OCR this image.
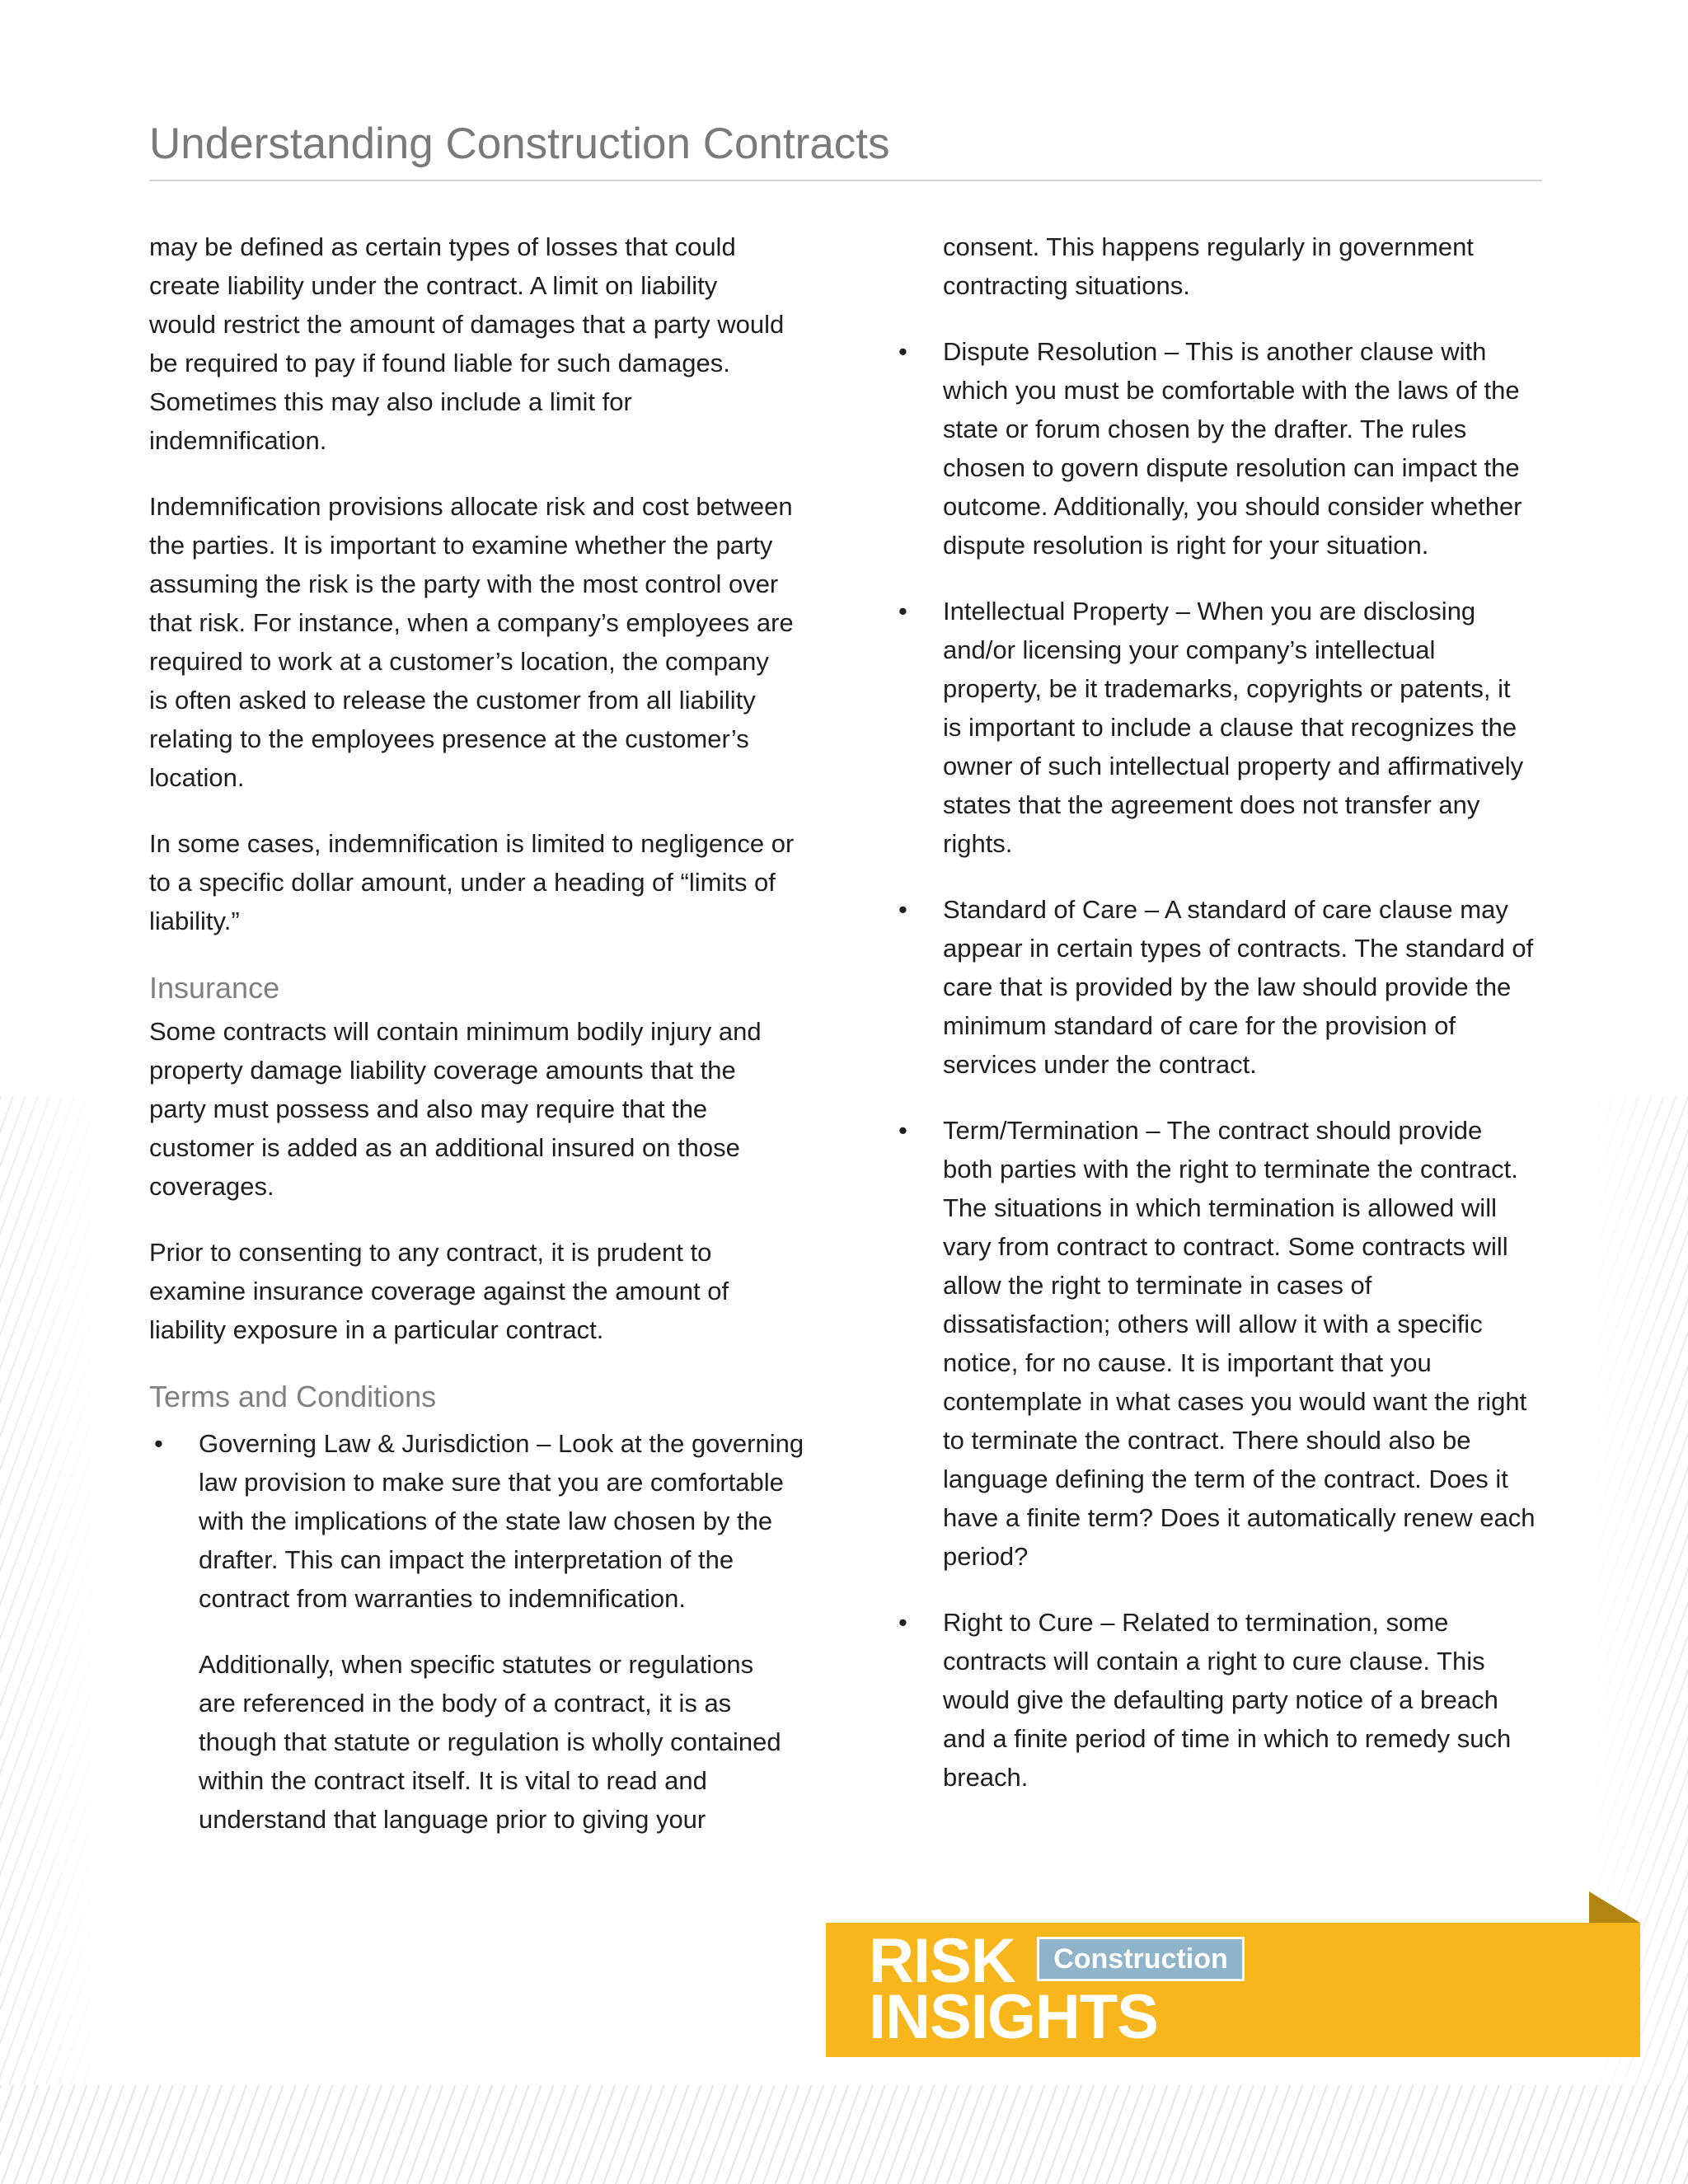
Understanding Construction Contracts
may be defined as certain types of losses that could
create liability under the contract. A limit on liability
would restrict the amount of damages that a party would
be required to pay if found liable for such damages.
Sometimes this may also include a limit for
indemnification.
Indemnification provisions allocate risk and cost between
the parties. It is important to examine whether the party
assuming the risk is the party with the most control over
that risk. For instance, when a company’s employees are
required to work at a customer’s location, the company
is often asked to release the customer from all liability
relating to the employees presence at the customer’s
location.
In some cases, indemnification is limited to negligence or
to a specific dollar amount, under a heading of “limits of
liability.”
Insurance
Some contracts will contain minimum bodily injury and
property damage liability coverage amounts that the
party must possess and also may require that the
customer is added as an additional insured on those
coverages.
Prior to consenting to any contract, it is prudent to
examine insurance coverage against the amount of
liability exposure in a particular contract.
Terms and Conditions
• Governing Law & Jurisdiction – Look at the governing
law provision to make sure that you are comfortable
with the implications of the state law chosen by the
drafter. This can impact the interpretation of the
contract from warranties to indemnification.
Additionally, when specific statutes or regulations
are referenced in the body of a contract, it is as
though that statute or regulation is wholly contained
within the contract itself. It is vital to read and
understand that language prior to giving your
consent. This happens regularly in government
contracting situations.
• Dispute Resolution – This is another clause with
which you must be comfortable with the laws of the
state or forum chosen by the drafter. The rules
chosen to govern dispute resolution can impact the
outcome. Additionally, you should consider whether
dispute resolution is right for your situation.
• Intellectual Property – When you are disclosing
and/or licensing your company’s intellectual
property, be it trademarks, copyrights or patents, it
is important to include a clause that recognizes the
owner of such intellectual property and affirmatively
states that the agreement does not transfer any
rights.
• Standard of Care – A standard of care clause may
appear in certain types of contracts. The standard of
care that is provided by the law should provide the
minimum standard of care for the provision of
services under the contract.
• Term/Termination – The contract should provide
both parties with the right to terminate the contract.
The situations in which termination is allowed will
vary from contract to contract. Some contracts will
allow the right to terminate in cases of
dissatisfaction; others will allow it with a specific
notice, for no cause. It is important that you
contemplate in what cases you would want the right
to terminate the contract. There should also be
language defining the term of the contract. Does it
have a finite term? Does it automatically renew each
period?
• Right to Cure – Related to termination, some
contracts will contain a right to cure clause. This
would give the defaulting party notice of a breach
and a finite period of time in which to remedy such
breach.
RISK
INSIGHTS
Construction
